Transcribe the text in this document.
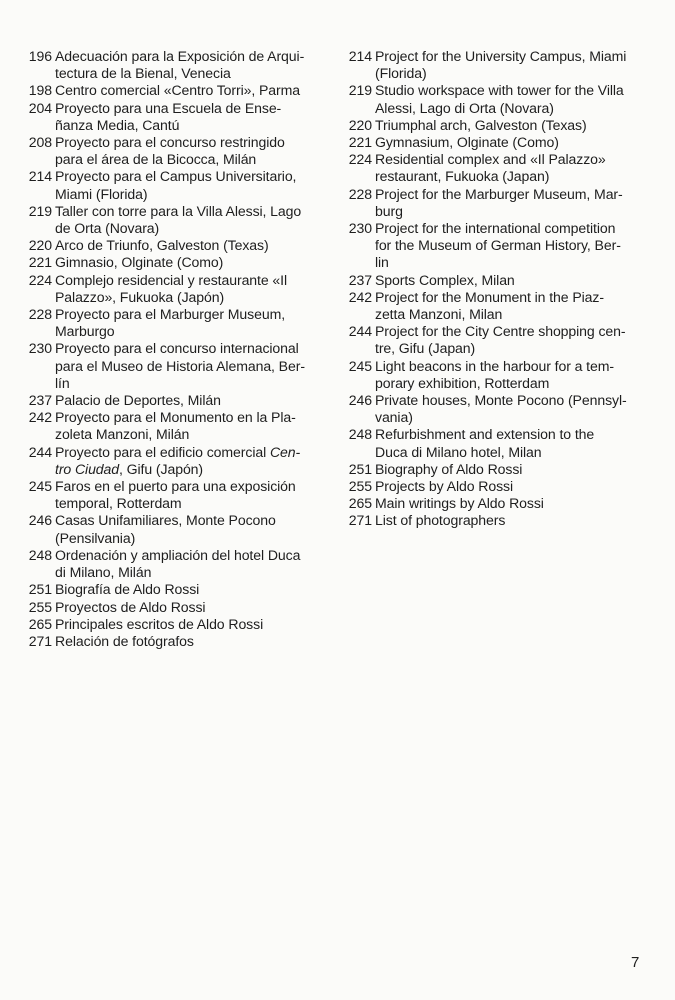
196 Adecuación para la Exposición de Arqui-
tectura de la Bienal, Venecia
198 Centro comercial «Centro Torri», Parma
204 Proyecto para una Escuela de Ense-
ñanza Media, Cantú
208 Proyecto para el concurso restringido
para el área de la Bicocca, Milán
214 Proyecto para el Campus Universitario,
Miami (Florida)
219 Taller con torre para la Villa Alessi, Lago
de Orta (Novara)
220 Arco de Triunfo, Galveston (Texas)
221 Gimnasio, Olginate (Como)
224 Complejo residencial y restaurante «Il
Palazzo», Fukuoka (Japón)
228 Proyecto para el Marburger Museum,
Marburgo
230 Proyecto para el concurso internacional
para el Museo de Historia Alemana, Ber-
lín
237 Palacio de Deportes, Milán
242 Proyecto para el Monumento en la Pla-
zoleta Manzoni, Milán
244 Proyecto para el edificio comercial Cen-
tro Ciudad, Gifu (Japón)
245 Faros en el puerto para una exposición
temporal, Rotterdam
246 Casas Unifamiliares, Monte Pocono
(Pensilvania)
248 Ordenación y ampliación del hotel Duca
di Milano, Milán
251 Biografía de Aldo Rossi
255 Proyectos de Aldo Rossi
265 Principales escritos de Aldo Rossi
271 Relación de fotógrafos
214 Project for the University Campus, Miami
(Florida)
219 Studio workspace with tower for the Villa
Alessi, Lago di Orta (Novara)
220 Triumphal arch, Galveston (Texas)
221 Gymnasium, Olginate (Como)
224 Residential complex and «Il Palazzo»
restaurant, Fukuoka (Japan)
228 Project for the Marburger Museum, Mar-
burg
230 Project for the international competition
for the Museum of German History, Ber-
lin
237 Sports Complex, Milan
242 Project for the Monument in the Piaz-
zetta Manzoni, Milan
244 Project for the City Centre shopping cen-
tre, Gifu (Japan)
245 Light beacons in the harbour for a tem-
porary exhibition, Rotterdam
246 Private houses, Monte Pocono (Pennsyl-
vania)
248 Refurbishment and extension to the
Duca di Milano hotel, Milan
251 Biography of Aldo Rossi
255 Projects by Aldo Rossi
265 Main writings by Aldo Rossi
271 List of photographers
7
